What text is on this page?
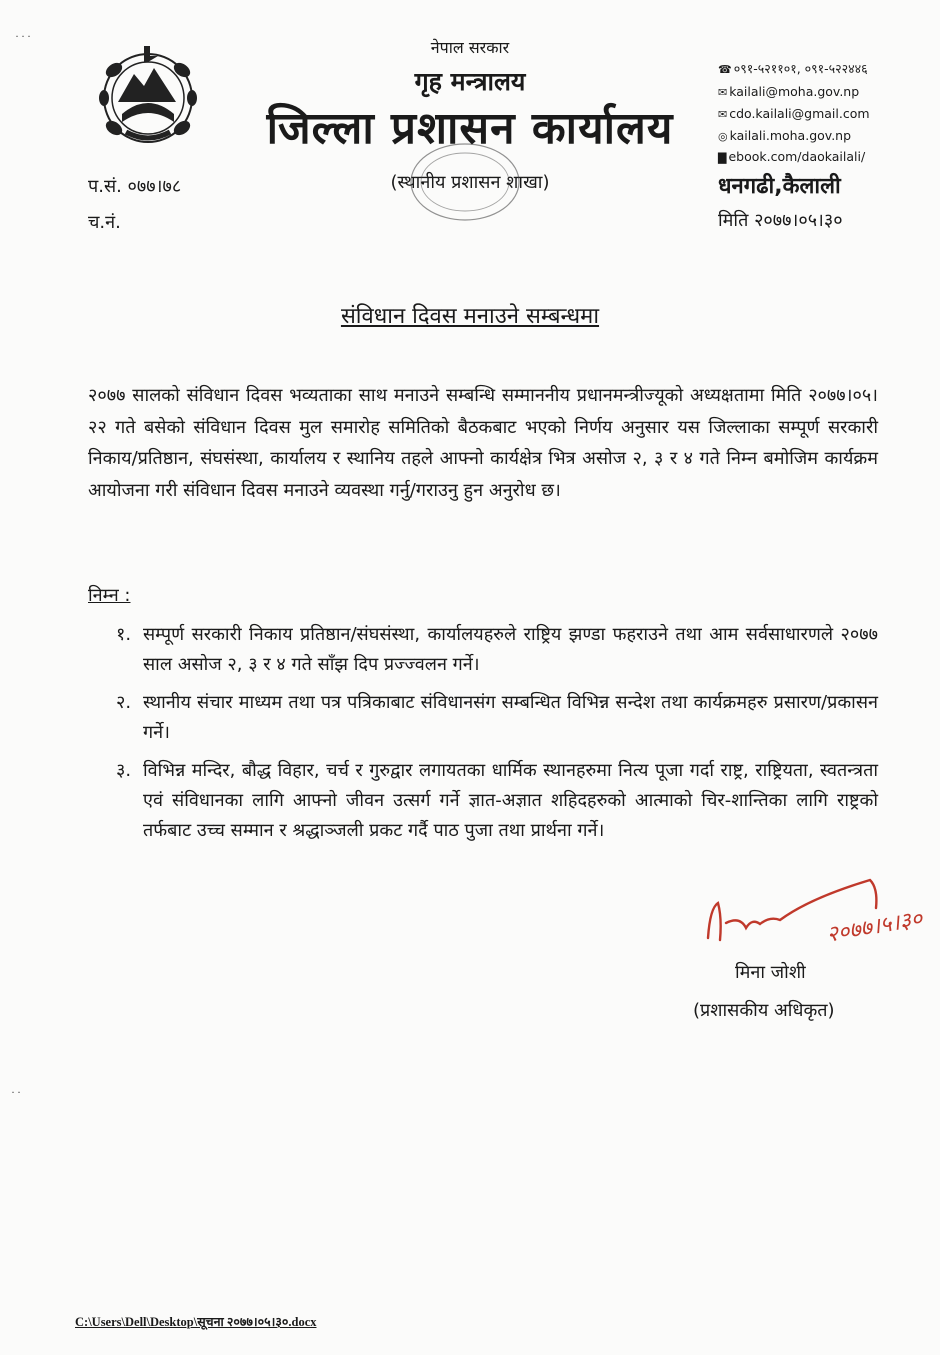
˙˙˙
˙˙
नेपाल सरकार
गृह मन्त्रालय
जिल्ला प्रशासन कार्यालय
(स्थानीय प्रशासन शाखा)
☎ ०९१-५२११०१, ०९१-५२२४४६
✉ kailali@moha.gov.np
✉ cdo.kailali@gmail.com
◎ kailali.moha.gov.np
▇ ebook.com/daokailali/
धनगढी,कैलाली
मिति २०७७।०५।३०
प.सं. ०७७।७८
च.नं.
संविधान दिवस मनाउने सम्बन्धमा
२०७७ सालको संविधान दिवस भव्यताका साथ मनाउने सम्बन्धि सम्माननीय प्रधानमन्त्रीज्यूको अध्यक्षतामा मिति २०७७।०५।२२ गते बसेको संविधान दिवस मुल समारोह समितिको बैठकबाट भएको निर्णय अनुसार यस जिल्लाका सम्पूर्ण सरकारी निकाय/प्रतिष्ठान, संघसंस्था, कार्यालय र स्थानिय तहले आफ्नो कार्यक्षेत्र भित्र असोज २, ३ र ४ गते निम्न बमोजिम कार्यक्रम आयोजना गरी संविधान दिवस मनाउने व्यवस्था गर्नु/गराउनु हुन अनुरोध छ।
निम्न :
१. सम्पूर्ण सरकारी निकाय प्रतिष्ठान/संघसंस्था, कार्यालयहरुले राष्ट्रिय झण्डा फहराउने तथा आम सर्वसाधारणले २०७७ साल असोज २, ३ र ४ गते साँझ दिप प्रज्ज्वलन गर्ने।
२. स्थानीय संचार माध्यम तथा पत्र पत्रिकाबाट संविधानसंग सम्बन्धित विभिन्न सन्देश तथा कार्यक्रमहरु प्रसारण/प्रकासन गर्ने।
३. विभिन्न मन्दिर, बौद्ध विहार, चर्च र गुरुद्वार लगायतका धार्मिक स्थानहरुमा नित्य पूजा गर्दा राष्ट्र, राष्ट्रियता, स्वतन्त्रता एवं संविधानका लागि आफ्नो जीवन उत्सर्ग गर्ने ज्ञात-अज्ञात शहिदहरुको आत्माको चिर-शान्तिका लागि राष्ट्रको तर्फबाट उच्च सम्मान र श्रद्धाञ्जली प्रकट गर्दै पाठ पुजा तथा प्रार्थना गर्ने।
२०७७।५।३०
मिना जोशी
(प्रशासकीय अधिकृत)
C:\Users\Dell\Desktop\सूचना २०७७।०५।३०.docx
